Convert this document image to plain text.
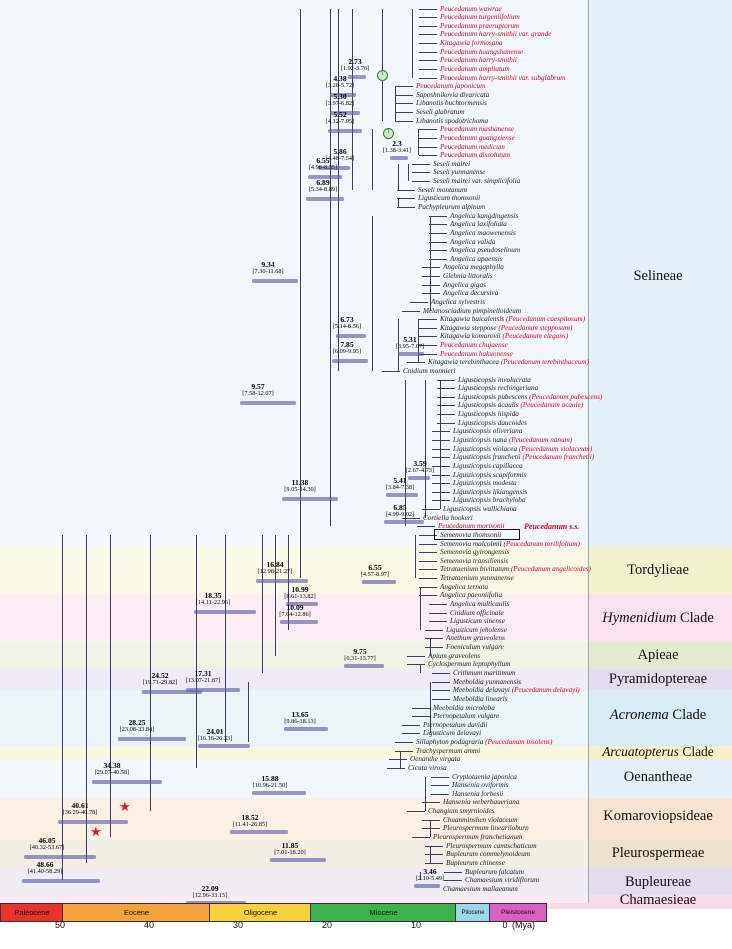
Selineae
Tordylieae
Hymenidium Clade
Apieae
Pyramidoptereae
Acronema Clade
Arcuatopterus Clade
Oenantheae
Komaroviopsideae
Pleurospermeae
Bupleureae
Chamaesieae
Peucedanum wawrae
Peucedanum turgeniifolium
Peucedanum praeruptorum
Peucedanum harry-smithii var. grande
Kitagawia formosana
Peucedanum huangshanense
Peucedanum harry-smithii
Peucedanum ampliatum
Peucedanum harry-smithii var. subglabrum
Peucedanum japonicum
Saposhnikovia divaricata
Libanotis buchtormensis
Seseli glabratum
Libanotis spodotrichoma
Peucedanum mashanense
Peucedanum guangxiense
Peucedanum medicum
Peucedanum dissolutum
Seseli mairei
Seseli yunnanense
Seseli mairei var. simplicifolia
Seseli montanum
Ligusticum thomsonii
Pachypleurum alpinum
Angelica kangdingensis
Angelica laxifoliata
Angelica maowenensis
Angelica valida
Angelica pseudoselinum
Angelica apaensis
Angelica megaphylla
Glehnia littoralis
Angelica gigas
Angelica decursiva
Angelica sylvestris
Melanosciadium pimpinelloideum
Kitagawia baicalensis (Peucedanum caespitosum)
Kitagawia steppose (Peucedanum stepposum)
Kitagawia komarovii (Peucedanum elegans)
Peucedanum chujaense
Peucedanum hakuonense
Kitagawia terebinthacea (Peucedanum terebinthaceum)
Cnidium monnieri
Ligusticopsis involucrata
Ligusticopsis rechingeriana
Ligusticopsis pubescens (Peucedanum pubescens)
Ligusticopsis acaulis (Peucedanum acaule)
Ligusticopsis hispida
Ligusticopsis daucoides
Ligusticopsis oliveriana
Ligusticopsis nana (Peucedanum nanum)
Ligusticopsis violacea (Peucedanum violaceum)
Ligusticopsis franchetii (Peucedanum franchetii)
Ligusticopsis capillacea
Ligusticopsis scapiformis
Ligusticopsis modesta
Ligusticopsis likiangensis
Ligusticopsis brachyloba
Ligusticopsis wallichiana
Cortiella hookeri
Peucedanum morisonii Peucedanum s.s.
Semenovia thomsonii
Semenovia malcolmii (Peucedanum torilifolium)
Semenovia gyirongensis
Semenovia transiliensis
Tetrataenium bivittatum (Peucedanum angelicoides)
Tetrataenium yunnanense
Angelica ternata
Angelica paeoniifolia
Angelica multicaulis
Cnidium officinale
Ligusticum sinense
Ligusticum jeholense
Anethum graveolens
Foeniculum vulgare
Apium graveolens
Cyclospermum leptophyllum
Crithmum maritimum
Meeboldia yunnanensis
Meeboldia delavayi (Peucedanum delavayi)
Meeboldia linearis
Meeboldia microloba
Pternopetalum vulgare
Pternopetalum davidii
Ligusticum delavayi
Sillaphyton podagraria (Peucedanum insolens)
Trachyspermum ammi
Oenanthe virgata
Cicuta virosa
Cryptotaenia japonica
Hansenia oviformis
Hansenia forbesii
Hansenia weberbaueriana
Changium smyrnioides
Chuanminshen violaceum
Pleurospermum lineariloburn
Pleurospermum franchetianum
Pleurospermum camtschaticum
Bupleurum commelynoideum
Bupleurum chinense
Bupleurum falcatum
Chamaesium viridiflorum
Chamaesium mallaeanum
2.73
[1.92-3.76]
4.38
[3.26-5.72]
5.30
[3.97-6.82]
5.52
[4.12-7.05]
5.86
[4.48-7.54]
2.3
[1.38-3.41]
6.55
[4.98-8.35]
6.89
[5.34-8.89]
9.34
[7.30-11.68]
6.73
[5.14-8.56]
7.85
[6.09-9.95]
5.31
[3.95-7.07]
9.57
[7.58-12.07]
3.59
[2.67-4.73]
5.41
[3.84-7.38]
6.85
[4.99-9.02]
11.38
[9.05-14.30]
6.55
[4.57-8.97]
16.84
[12.98-21.27]
10.99
[8.61-13.82]
10.09
[7.64-12.86]
18.35
[14.11-22.96]
9.75
[6.31-13.77]
17.31
[13.07-21.87]
24.52
[19.71-29.82]
13.65
[9.86-18.13]
24.01
[16.16-26.33]
28.25
[23.08-33.84]
15.88
[10.96-21.50]
34.38
[29.07-40.58]
18.52
[11.41-26.85]
40.61
[36.29-46.78]
46.05
[40.32-53.67]	11.85
[7.01-18.20]
48.66
[41.40-58.29]	3.46
[2.10-5.49]
22.09
[12.96-33.15]
1
1
★
★
Paleocene	Eocene	Oligocene	Miocene	Pliocene Pleistocene
50	40	30	20	10	0 (Mya)
